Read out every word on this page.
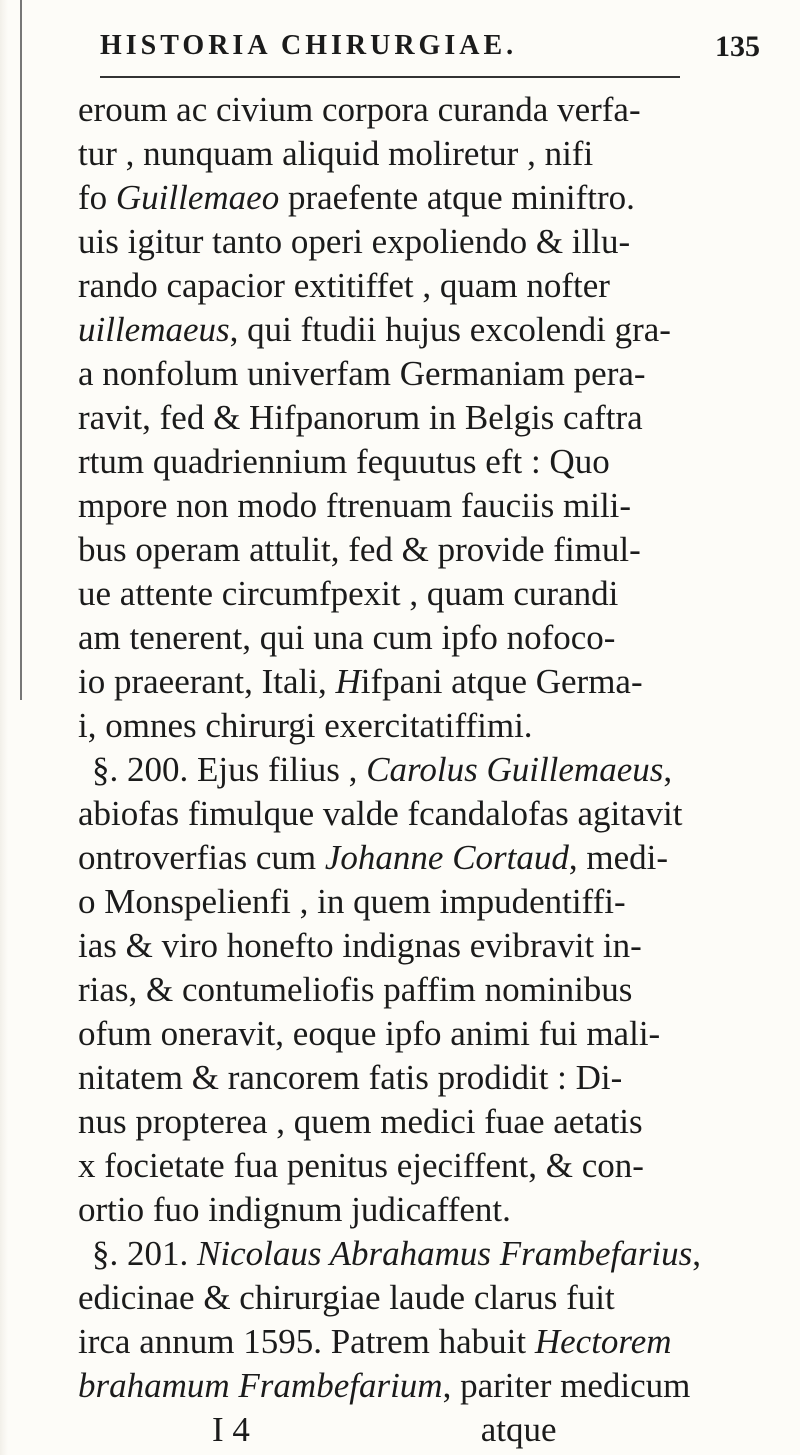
HISTORIA CHIRURGIAE.	135
eroum ac civium corpora curanda verfa-
tur , nunquam aliquid moliretur , nifi
fo Guillemaeo praefente atque miniftro.
uis igitur tanto operi expoliendo & illu-
rando capacior extitiffet , quam nofter
uillemaeus, qui ftudii hujus excolendi gra-
a nonfolum univerfam Germaniam pera-
ravit, fed & Hifpanorum in Belgis caftra
rtum quadriennium fequutus eft : Quo
mpore non modo ftrenuam fauciis mili-
bus operam attulit, fed & provide fimul-
ue attente circumfpexit , quam curandi
am tenerent, qui una cum ipfo nofoco-
io praeerant, Itali, Hifpani atque Germa-
i, omnes chirurgi exercitatiffimi.
§. 200. Ejus filius , Carolus Guillemaeus,
abiofas fimulque valde fcandalofas agitavit
ontroverfias cum Johanne Cortaud, medi-
o Monspelienfi , in quem impudentiffi-
ias & viro honefto indignas evibravit in-
rias, & contumeliofis paffim nominibus
ofum oneravit, eoque ipfo animi fui mali-
nitatem & rancorem fatis prodidit : Di-
nus propterea , quem medici fuae aetatis
x focietate fua penitus ejeciffent, & con-
ortio fuo indignum judicaffent.
§. 201. Nicolaus Abrahamus Frambefarius,
edicinae & chirurgiae laude clarus fuit
irca annum 1595. Patrem habuit Hectorem
brahamum Frambefarium, pariter medicum
I 4	atque
